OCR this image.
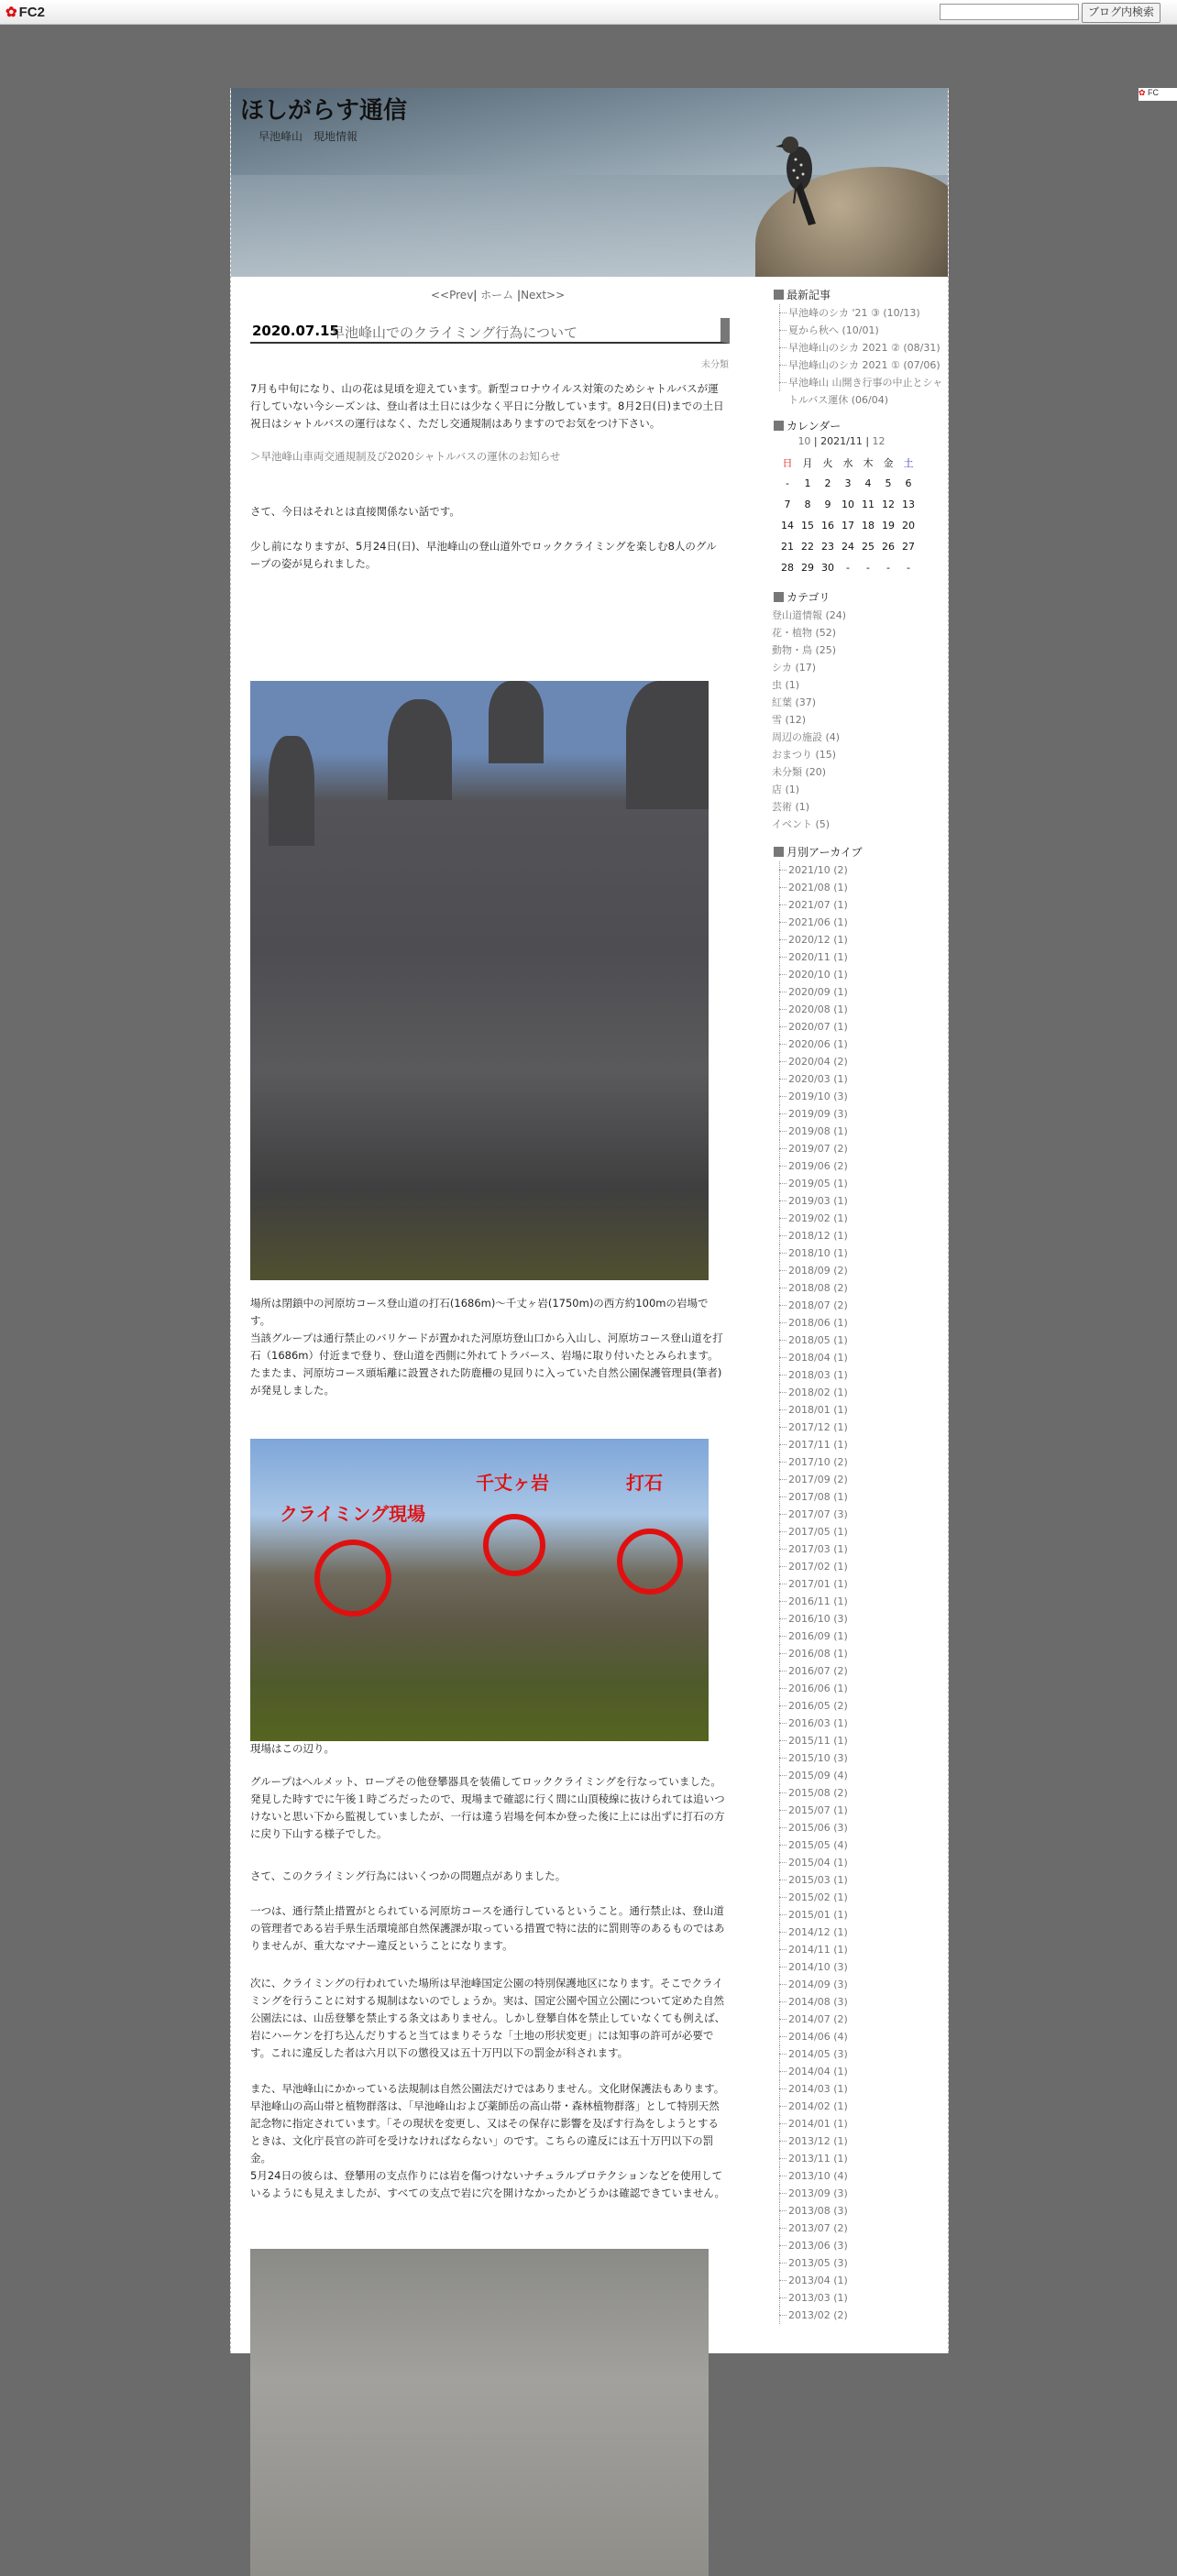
✿ FC2	ブログ内検索
✿ FC
ほしがらす通信
早池峰山　現地情報
<<Prev| ホーム |Next>>
2020.07.15
早池峰山でのクライミング行為について
未分類
7月も中旬になり、山の花は見頃を迎えています。新型コロナウイルス対策のためシャトルバスが運行していない今シーズンは、登山者は土日には少なく平日に分散しています。8月2日(日)までの土日祝日はシャトルバスの運行はなく、ただし交通規制はありますのでお気をつけ下さい。
＞早池峰山車両交通規制及び2020シャトルバスの運休のお知らせ
さて、今日はそれとは直接関係ない話です。
少し前になりますが、5月24日(日)、早池峰山の登山道外でロッククライミングを楽しむ8人のグループの姿が見られました。
場所は閉鎖中の河原坊コース登山道の打石(1686m)〜千丈ヶ岩(1750m)の西方約100mの岩場です。
当該グループは通行禁止のバリケードが置かれた河原坊登山口から入山し、河原坊コース登山道を打石（1686m）付近まで登り、登山道を西側に外れてトラバース、岩場に取り付いたとみられます。
たまたま、河原坊コース頭垢離に設置された防鹿柵の見回りに入っていた自然公園保護管理員(筆者)が発見しました。
クライミング現場
千丈ヶ岩	打石
現場はこの辺り。
グループはヘルメット、ロープその他登攀器具を装備してロッククライミングを行なっていました。発見した時すでに午後１時ごろだったので、現場まで確認に行く間に山頂稜線に抜けられては追いつけないと思い下から監視していましたが、一行は違う岩場を何本か登った後に上には出ずに打石の方に戻り下山する様子でした。
さて、このクライミング行為にはいくつかの問題点がありました。
一つは、通行禁止措置がとられている河原坊コースを通行しているということ。通行禁止は、登山道の管理者である岩手県生活環境部自然保護課が取っている措置で特に法的に罰則等のあるものではありませんが、重大なマナー違反ということになります。
次に、クライミングの行われていた場所は早池峰国定公園の特別保護地区になります。そこでクライミングを行うことに対する規制はないのでしょうか。実は、国定公園や国立公園について定めた自然公園法には、山岳登攀を禁止する条文はありません。しかし登攀自体を禁止していなくても例えば、岩にハーケンを打ち込んだりすると当てはまりそうな「土地の形状変更」には知事の許可が必要です。これに違反した者は六月以下の懲役又は五十万円以下の罰金が科されます。
また、早池峰山にかかっている法規制は自然公園法だけではありません。文化財保護法もあります。早池峰山の高山帯と植物群落は、「早池峰山および薬師岳の高山帯・森林植物群落」として特別天然記念物に指定されています。「その現状を変更し、又はその保存に影響を及ぼす行為をしようとするときは、文化庁長官の許可を受けなければならない」のです。こちらの違反には五十万円以下の罰金。
5月24日の彼らは、登攀用の支点作りには岩を傷つけないナチュラルプロテクションなどを使用しているようにも見えましたが、すべての支点で岩に穴を開けなかったかどうかは確認できていません。
最新記事
早池峰のシカ '21 ③ (10/13)
夏から秋へ (10/01)
早池峰山のシカ 2021 ② (08/31)
早池峰山のシカ 2021 ① (07/06)
早池峰山 山開き行事の中止とシャトルバス運休 (06/04)
カレンダー
10 | 2021/11 | 12
日	月	火	水	木	金	土
-	1	2	3	4	5	6
7	8	9	10	11	12	13
14	15	16	17	18	19	20
21	22	23	24	25	26	27
28	29	30	-	-	-	-
カテゴリ
登山道情報 (24)
花・植物 (52)
動物・鳥 (25)
シカ (17)
虫 (1)
紅葉 (37)
雪 (12)
周辺の施設 (4)
おまつり (15)
未分類 (20)
店 (1)
芸術 (1)
イベント (5)
月別アーカイブ
2021/10 (2)
2021/08 (1)
2021/07 (1)
2021/06 (1)
2020/12 (1)
2020/11 (1)
2020/10 (1)
2020/09 (1)
2020/08 (1)
2020/07 (1)
2020/06 (1)
2020/04 (2)
2020/03 (1)
2019/10 (3)
2019/09 (3)
2019/08 (1)
2019/07 (2)
2019/06 (2)
2019/05 (1)
2019/03 (1)
2019/02 (1)
2018/12 (1)
2018/10 (1)
2018/09 (2)
2018/08 (2)
2018/07 (2)
2018/06 (1)
2018/05 (1)
2018/04 (1)
2018/03 (1)
2018/02 (1)
2018/01 (1)
2017/12 (1)
2017/11 (1)
2017/10 (2)
2017/09 (2)
2017/08 (1)
2017/07 (3)
2017/05 (1)
2017/03 (1)
2017/02 (1)
2017/01 (1)
2016/11 (1)
2016/10 (3)
2016/09 (1)
2016/08 (1)
2016/07 (2)
2016/06 (1)
2016/05 (2)
2016/03 (1)
2015/11 (1)
2015/10 (3)
2015/09 (4)
2015/08 (2)
2015/07 (1)
2015/06 (3)
2015/05 (4)
2015/04 (1)
2015/03 (1)
2015/02 (1)
2015/01 (1)
2014/12 (1)
2014/11 (1)
2014/10 (3)
2014/09 (3)
2014/08 (3)
2014/07 (2)
2014/06 (4)
2014/05 (3)
2014/04 (1)
2014/03 (1)
2014/02 (1)
2014/01 (1)
2013/12 (1)
2013/11 (1)
2013/10 (4)
2013/09 (3)
2013/08 (3)
2013/07 (2)
2013/06 (3)
2013/05 (3)
2013/04 (1)
2013/03 (1)
2013/02 (2)
